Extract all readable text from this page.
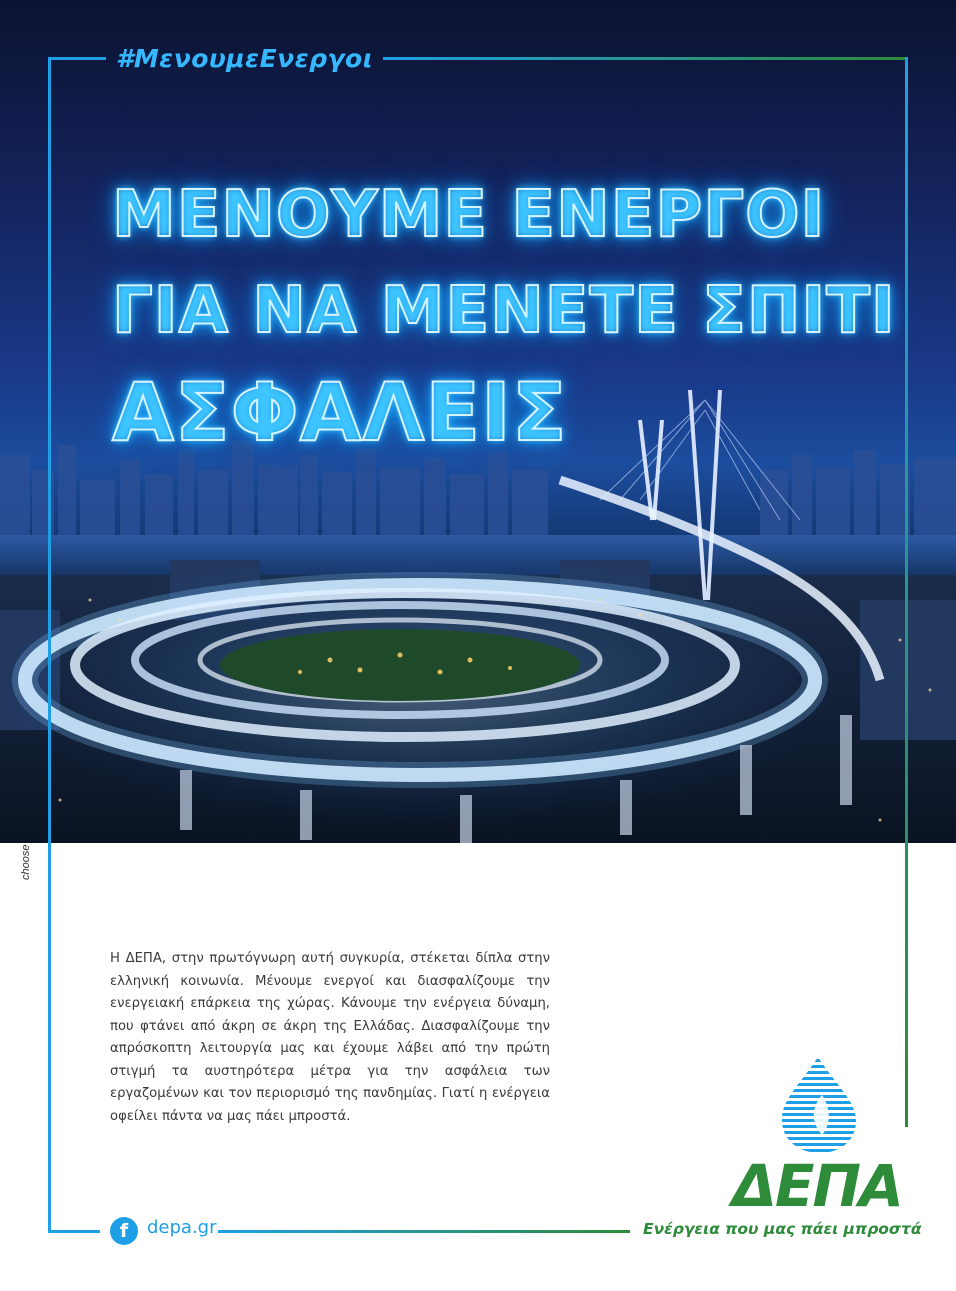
#ΜενουμεΕνεργοι
ΜΕΝΟΥΜΕ ΕΝΕΡΓΟΙ
ΓΙΑ ΝΑ ΜΕΝΕΤΕ ΣΠΙΤΙ
ΑΣΦΑΛΕΙΣ
choose

Η ΔΕΠΑ, στην πρωτόγνωρη αυτή συγκυρία, στέκεται δίπλα στην ελληνική κοινωνία. Μένουμε ενεργοί και διασφαλίζουμε την ενεργειακή επάρκεια της χώρας. Κάνουμε την ενέργεια δύναμη, που φτάνει από άκρη σε άκρη της Ελλάδας. Διασφαλίζουμε την απρόσκοπτη λειτουργία μας και έχουμε λάβει από την πρώτη στιγμή τα αυστηρότερα μέτρα για την ασφάλεια των εργαζομένων και τον περιορισμό της πανδημίας. Γιατί η ενέργεια οφείλει πάντα να μας πάει μπροστά.

f	depa.gr
ΔΕΠΑ
Ενέργεια που μας πάει μπροστά
